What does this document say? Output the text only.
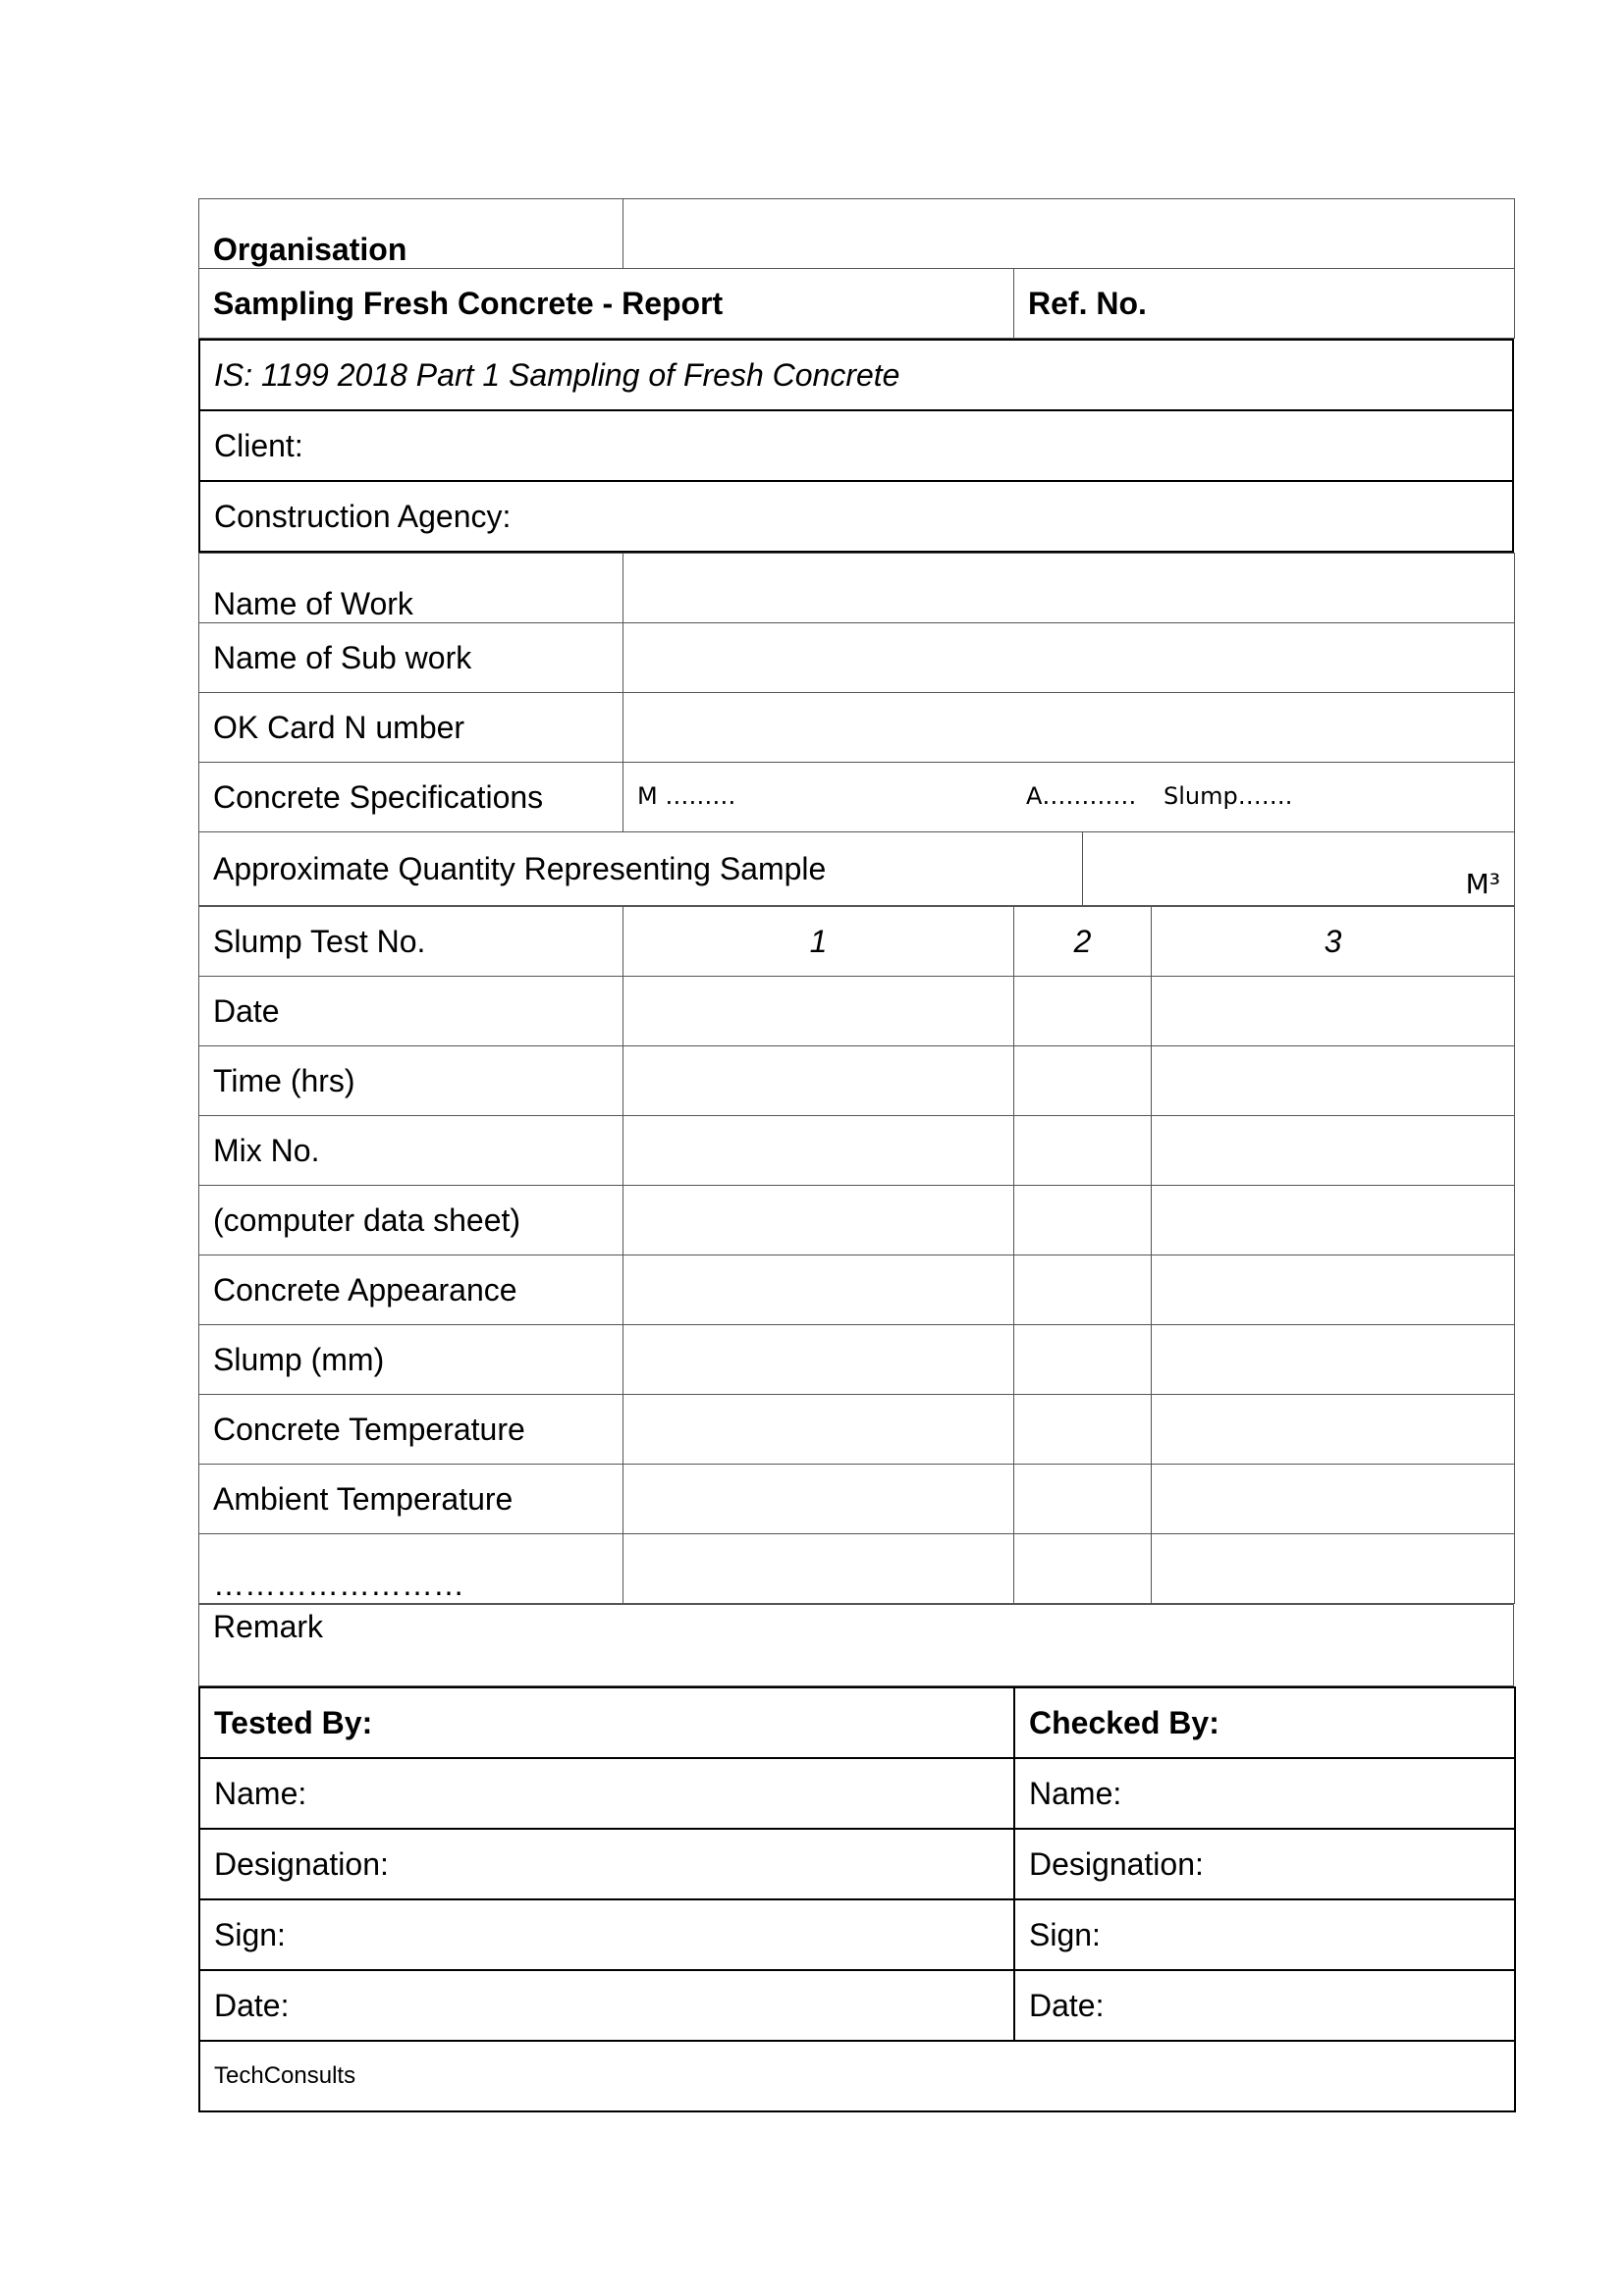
Organisation		
Sampling Fresh Concrete - Report		Ref. No.
IS: 1199 2018 Part 1 Sampling of Fresh Concrete
Client:
Construction Agency:
Name of Work		
Name of Sub work		
OK Card N umber		
Concrete Specifications	M ……… A………… Slump…….	

Approximate Quantity Representing Sample		M³
Slump Test No.	1	2	3
Date			
Time (hrs)			
Mix No.			
(computer data sheet)			
Concrete Appearance			
Slump (mm)			
Concrete Temperature			
Ambient Temperature			
……………………			
Remark
Tested By:	Checked By:
Name:	Name:
Designation:	Designation:
Sign:	Sign:
Date:	Date:
TechConsults	
